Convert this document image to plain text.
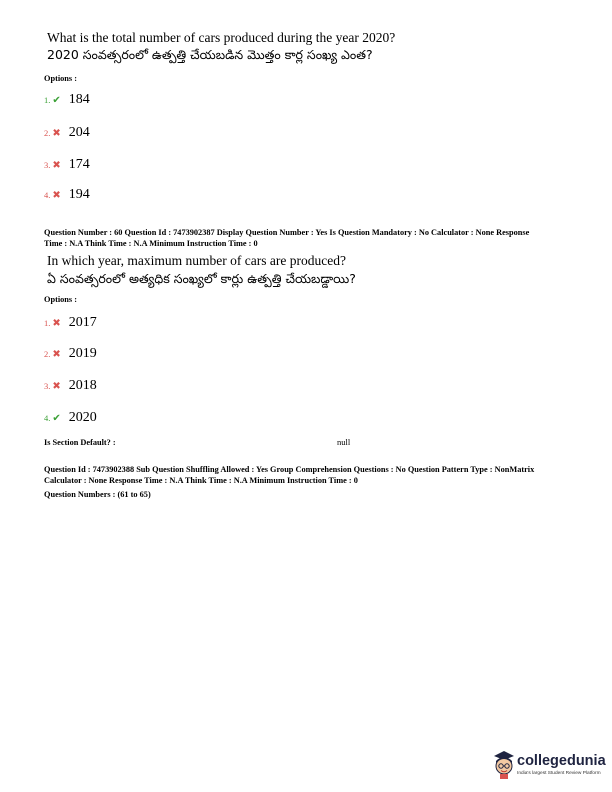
What is the total number of cars produced during the year 2020?
2020 సంవత్సరంలో ఉత్పత్తి చేయబడిన మొత్తం కార్ల సంఖ్య ఎంత?
Options :
1. ✔ 184
2. ✖ 204
3. ✖ 174
4. ✖ 194
Question Number : 60 Question Id : 7473902387 Display Question Number : Yes Is Question Mandatory : No Calculator : None Response
Time : N.A Think Time : N.A Minimum Instruction Time : 0
In which year, maximum number of cars are produced?
ఏ సంవత్సరంలో అత్యధిక సంఖ్యలో కార్లు ఉత్పత్తి చేయబడ్డాయి?
Options :
1. ✖ 2017
2. ✖ 2019
3. ✖ 2018
4. ✔ 2020
Is Section Default? :	null
Question Id : 7473902388 Sub Question Shuffling Allowed : Yes Group Comprehension Questions : No Question Pattern Type : NonMatrix
Calculator : None Response Time : N.A Think Time : N.A Minimum Instruction Time : 0
Question Numbers : (61 to 65)
collegedunia
India's largest Student Review Platform
